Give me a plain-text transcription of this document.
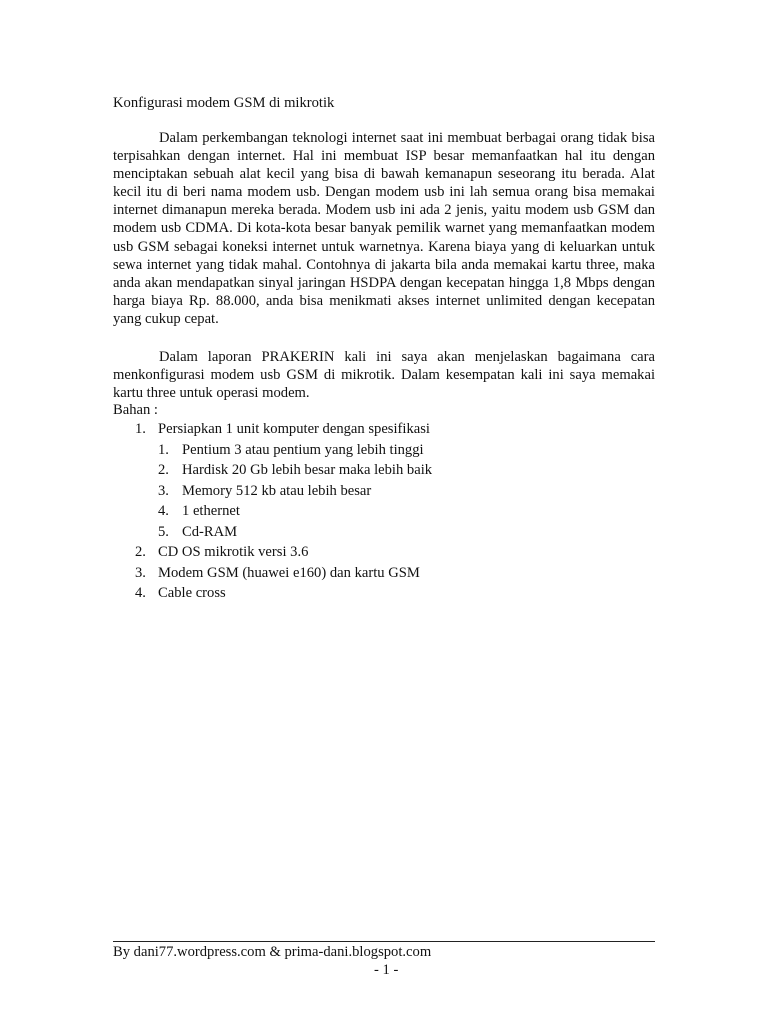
Konfigurasi modem GSM di mikrotik

Dalam perkembangan teknologi internet saat ini membuat berbagai orang tidak bisa terpisahkan dengan internet. Hal ini membuat ISP besar memanfaatkan hal itu dengan menciptakan sebuah alat kecil yang bisa di bawah kemanapun seseorang itu berada. Alat kecil itu di beri nama modem usb. Dengan modem usb ini lah semua orang bisa memakai internet dimanapun mereka berada. Modem usb ini ada 2 jenis, yaitu modem usb GSM dan modem usb CDMA. Di kota-kota besar banyak pemilik warnet yang memanfaatkan modem usb GSM sebagai koneksi internet untuk warnetnya. Karena biaya yang di keluarkan untuk sewa internet yang tidak mahal. Contohnya di jakarta bila anda memakai kartu three, maka anda akan mendapatkan sinyal jaringan HSDPA dengan kecepatan hingga 1,8 Mbps dengan harga biaya Rp. 88.000, anda bisa menikmati akses internet unlimited dengan kecepatan yang cukup cepat.

Dalam laporan PRAKERIN kali ini saya akan menjelaskan bagaimana cara menkonfigurasi modem usb GSM di mikrotik. Dalam kesempatan kali ini saya memakai kartu three untuk operasi modem.

Bahan :

1. Persiapkan 1 unit komputer dengan spesifikasi
1. Pentium 3 atau pentium yang lebih tinggi
2. Hardisk 20 Gb lebih besar maka lebih baik
3. Memory 512 kb atau lebih besar
4. 1 ethernet
5. Cd-RAM
2. CD OS mikrotik versi 3.6
3. Modem GSM (huawei e160) dan kartu GSM
4. Cable cross
By dani77.wordpress.com & prima-dani.blogspot.com
- 1 -
